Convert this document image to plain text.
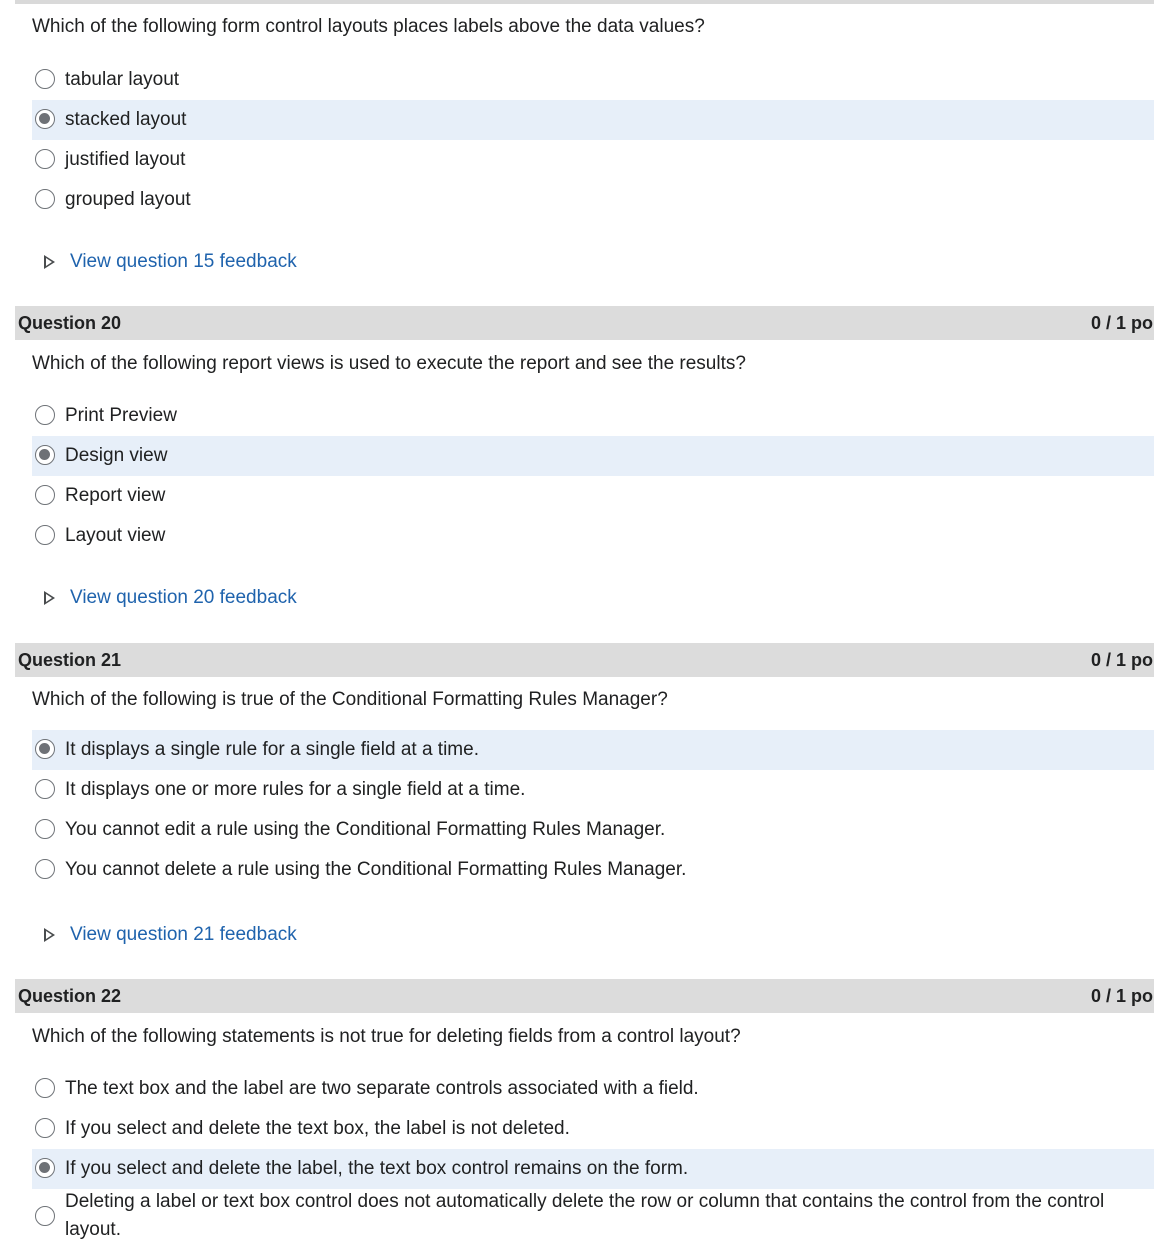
Which of the following form control layouts places labels above the data values?
tabular layout
stacked layout
justified layout
grouped layout
View question 15 feedback
Question 20	0 / 1 po
Which of the following report views is used to execute the report and see the results?
Print Preview
Design view
Report view
Layout view
View question 20 feedback
Question 21	0 / 1 po
Which of the following is true of the Conditional Formatting Rules Manager?
It displays a single rule for a single field at a time.
It displays one or more rules for a single field at a time.
You cannot edit a rule using the Conditional Formatting Rules Manager.
You cannot delete a rule using the Conditional Formatting Rules Manager.
View question 21 feedback
Question 22	0 / 1 po
Which of the following statements is not true for deleting fields from a control layout?
The text box and the label are two separate controls associated with a field.
If you select and delete the text box, the label is not deleted.
If you select and delete the label, the text box control remains on the form.
Deleting a label or text box control does not automatically delete the row or column that contains the control from the control layout.
